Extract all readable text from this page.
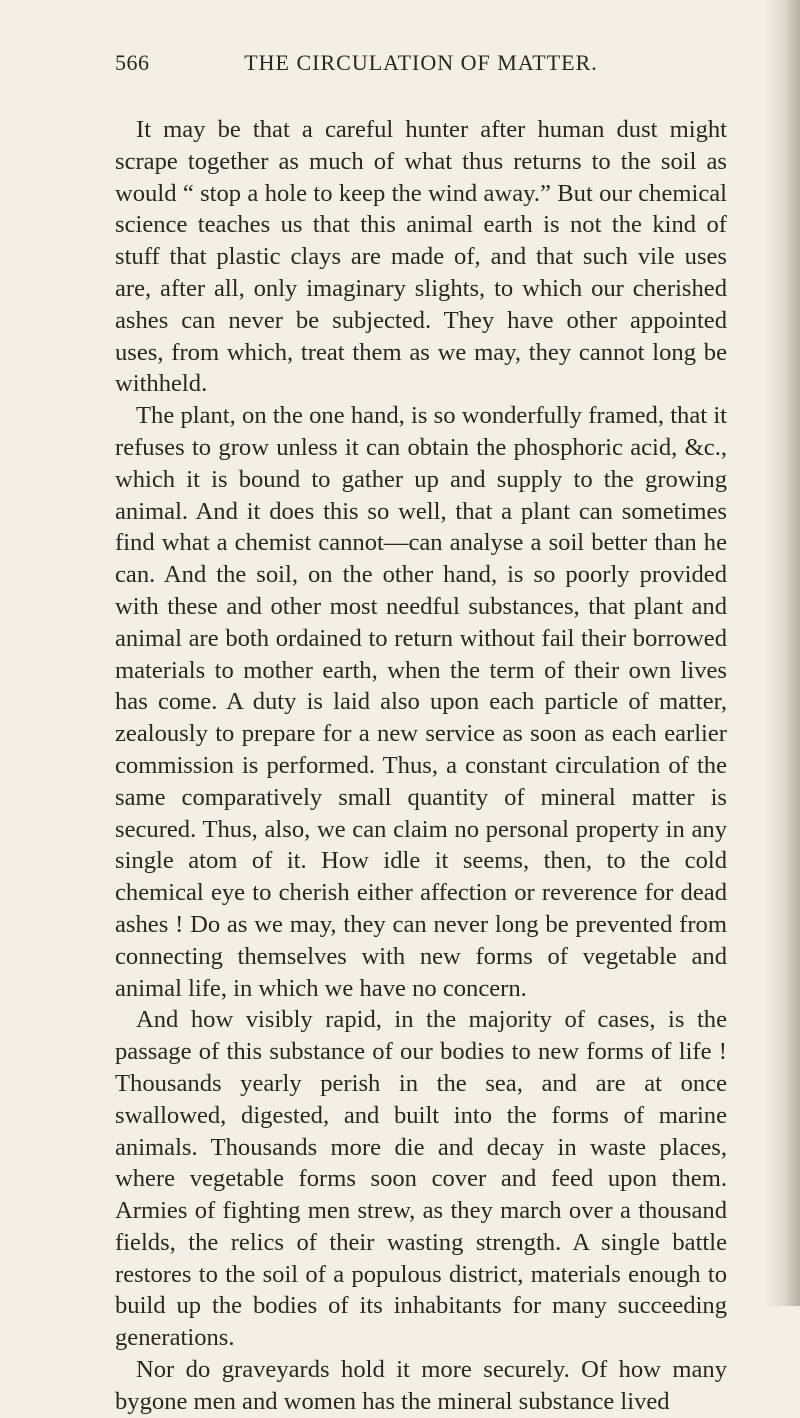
566	THE CIRCULATION OF MATTER.

It may be that a careful hunter after human dust might scrape together as much of what thus returns to the soil as would “ stop a hole to keep the wind away.” But our chemical science teaches us that this animal earth is not the kind of stuff that plastic clays are made of, and that such vile uses are, after all, only imaginary slights, to which our cherished ashes can never be subjected. They have other appointed uses, from which, treat them as we may, they cannot long be withheld.

The plant, on the one hand, is so wonderfully framed, that it refuses to grow unless it can obtain the phosphoric acid, &c., which it is bound to gather up and supply to the growing animal. And it does this so well, that a plant can sometimes find what a chemist cannot—can analyse a soil better than he can. And the soil, on the other hand, is so poorly provided with these and other most needful substances, that plant and animal are both ordained to return without fail their borrowed materials to mother earth, when the term of their own lives has come. A duty is laid also upon each particle of matter, zealously to prepare for a new service as soon as each earlier commission is performed. Thus, a constant circulation of the same comparatively small quantity of mineral matter is secured. Thus, also, we can claim no personal property in any single atom of it. How idle it seems, then, to the cold chemical eye to cherish either affection or reverence for dead ashes ! Do as we may, they can never long be prevented from connecting themselves with new forms of vegetable and animal life, in which we have no concern.

And how visibly rapid, in the majority of cases, is the passage of this substance of our bodies to new forms of life ! Thousands yearly perish in the sea, and are at once swallowed, digested, and built into the forms of marine animals. Thousands more die and decay in waste places, where vegetable forms soon cover and feed upon them. Armies of fighting men strew, as they march over a thousand fields, the relics of their wasting strength. A single battle restores to the soil of a populous district, materials enough to build up the bodies of its inhabitants for many succeeding generations.

Nor do graveyards hold it more securely. Of how many bygone men and women has the mineral substance lived
